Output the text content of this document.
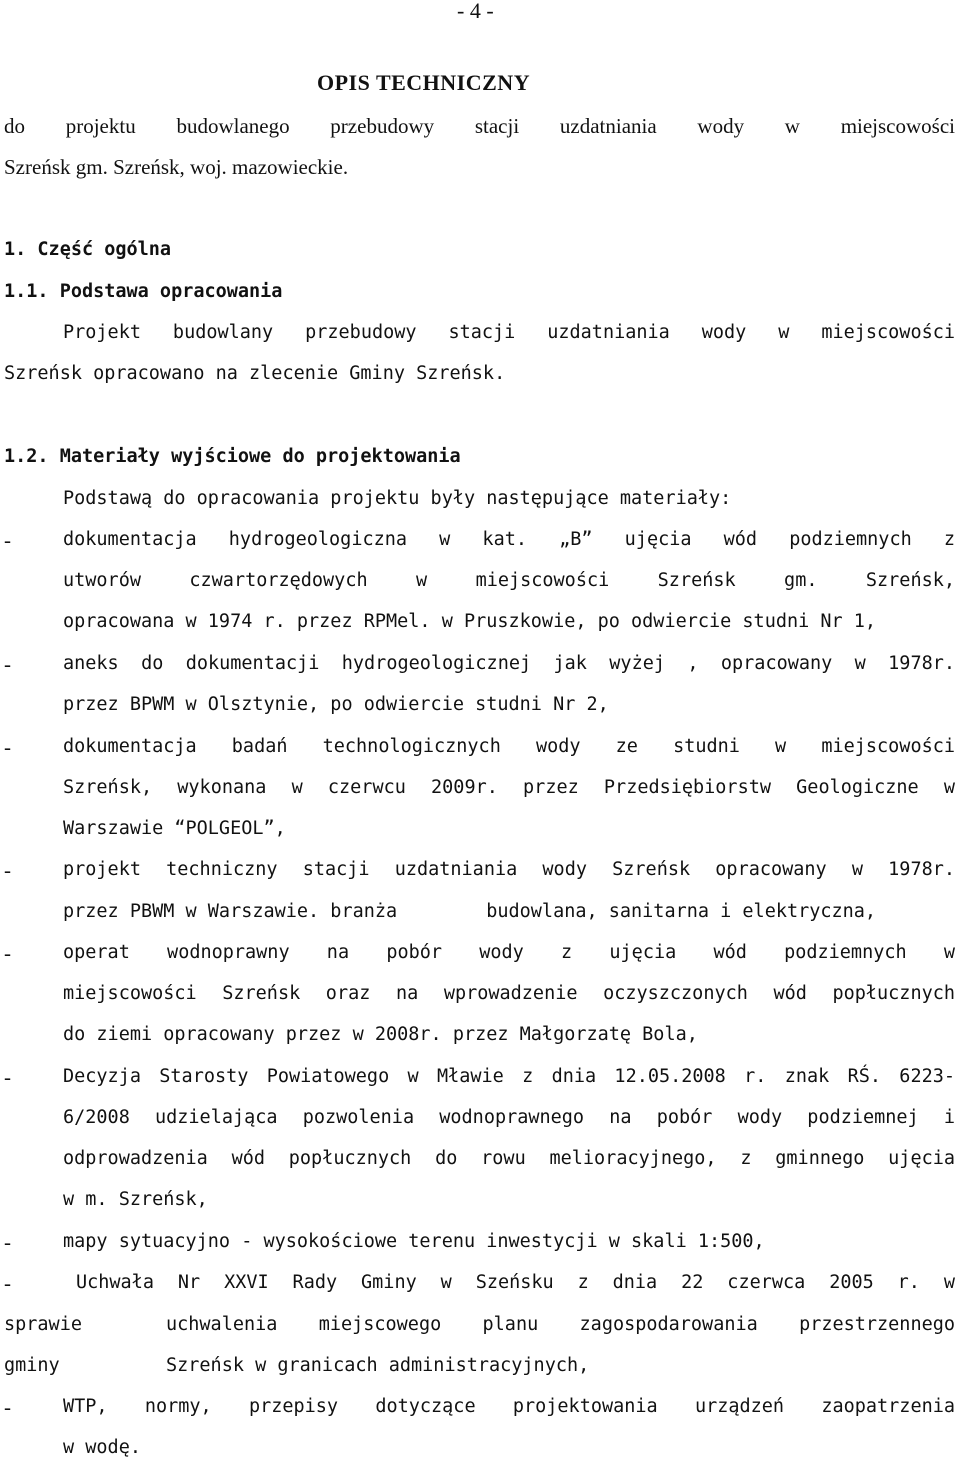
- 4 -
OPIS TECHNICZNY
do projektu budowlanego przebudowy stacji uzdatniania wody w miejscowości
Szreńsk gm. Szreńsk, woj. mazowieckie.
1. Część ogólna
1.1. Podstawa opracowania
Projekt budowlany przebudowy stacji uzdatniania wody w miejscowości
Szreńsk opracowano na zlecenie Gminy Szreńsk.
1.2. Materiały wyjściowe do projektowania
Podstawą do opracowania projektu były następujące materiały:
-	dokumentacja hydrogeologiczna w kat. „B” ujęcia wód podziemnych z
utworów czwartorzędowych w miejscowości Szreńsk gm. Szreńsk,
opracowana w 1974 r. przez RPMel. w Pruszkowie, po odwiercie studni Nr 1,
-	aneks do dokumentacji hydrogeologicznej jak wyżej , opracowany w 1978r.
przez BPWM w Olsztynie, po odwiercie studni Nr 2,
-	dokumentacja badań technologicznych wody ze studni w miejscowości
Szreńsk, wykonana w czerwcu 2009r. przez Przedsiębiorstw Geologiczne w
Warszawie “POLGEOL”,
-	projekt techniczny stacji uzdatniania wody Szreńsk opracowany w 1978r.
przez PBWM w Warszawie. branża        budowlana, sanitarna i elektryczna,
-	operat wodnoprawny na pobór wody z ujęcia wód podziemnych w
miejscowości Szreńsk oraz na wprowadzenie oczyszczonych wód popłucznych
do ziemi opracowany przez w 2008r. przez Małgorzatę Bola,
-	Decyzja Starosty Powiatowego w Mławie z dnia 12.05.2008 r. znak RŚ. 6223-
6/2008 udzielająca pozwolenia wodnoprawnego na pobór wody podziemnej i
odprowadzenia wód popłucznych do rowu melioracyjnego, z gminnego ujęcia
w m. Szreńsk,
-	mapy sytuacyjno - wysokościowe terenu inwestycji w skali 1:500,
-	Uchwała Nr XXVI Rady Gminy w Szeńsku z dnia 22 czerwca 2005 r. w
sprawie	uchwalenia miejscowego planu zagospodarowania przestrzennego
gminy	Szreńsk w granicach administracyjnych,
-	WTP, normy, przepisy dotyczące projektowania urządzeń zaopatrzenia
w wodę.
